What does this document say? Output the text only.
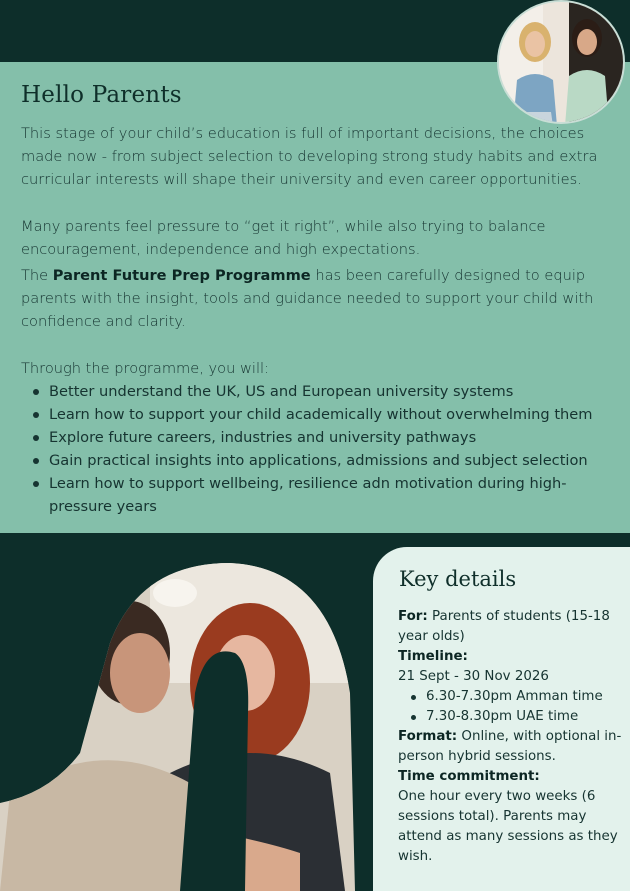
Hello Parents

This stage of your child’s education is full of important decisions, the choices made now - from subject selection to developing strong study habits and extra curricular interests will shape their university and even career opportunities.

Many parents feel pressure to “get it right”, while also trying to balance encouragement, independence and high expectations.

The Parent Future Prep Programme has been carefully designed to equip parents with the insight, tools and guidance needed to support your child with confidence and clarity.

Through the programme, you will:

Better understand the UK, US and European university systems
Learn how to support your child academically without overwhelming them
Explore future careers, industries and university pathways
Gain practical insights into applications, admissions and subject selection
Learn how to support wellbeing, resilience adn motivation during high-pressure years
Key details
For: Parents of students (15-18 year olds)
Timeline:
21 Sept - 30 Nov 2026
6.30-7.30pm Amman time
7.30-8.30pm UAE time
Format: Online, with optional in-person hybrid sessions.
Time commitment:
One hour every two weeks (6 sessions total). Parents may attend as many sessions as they wish.
